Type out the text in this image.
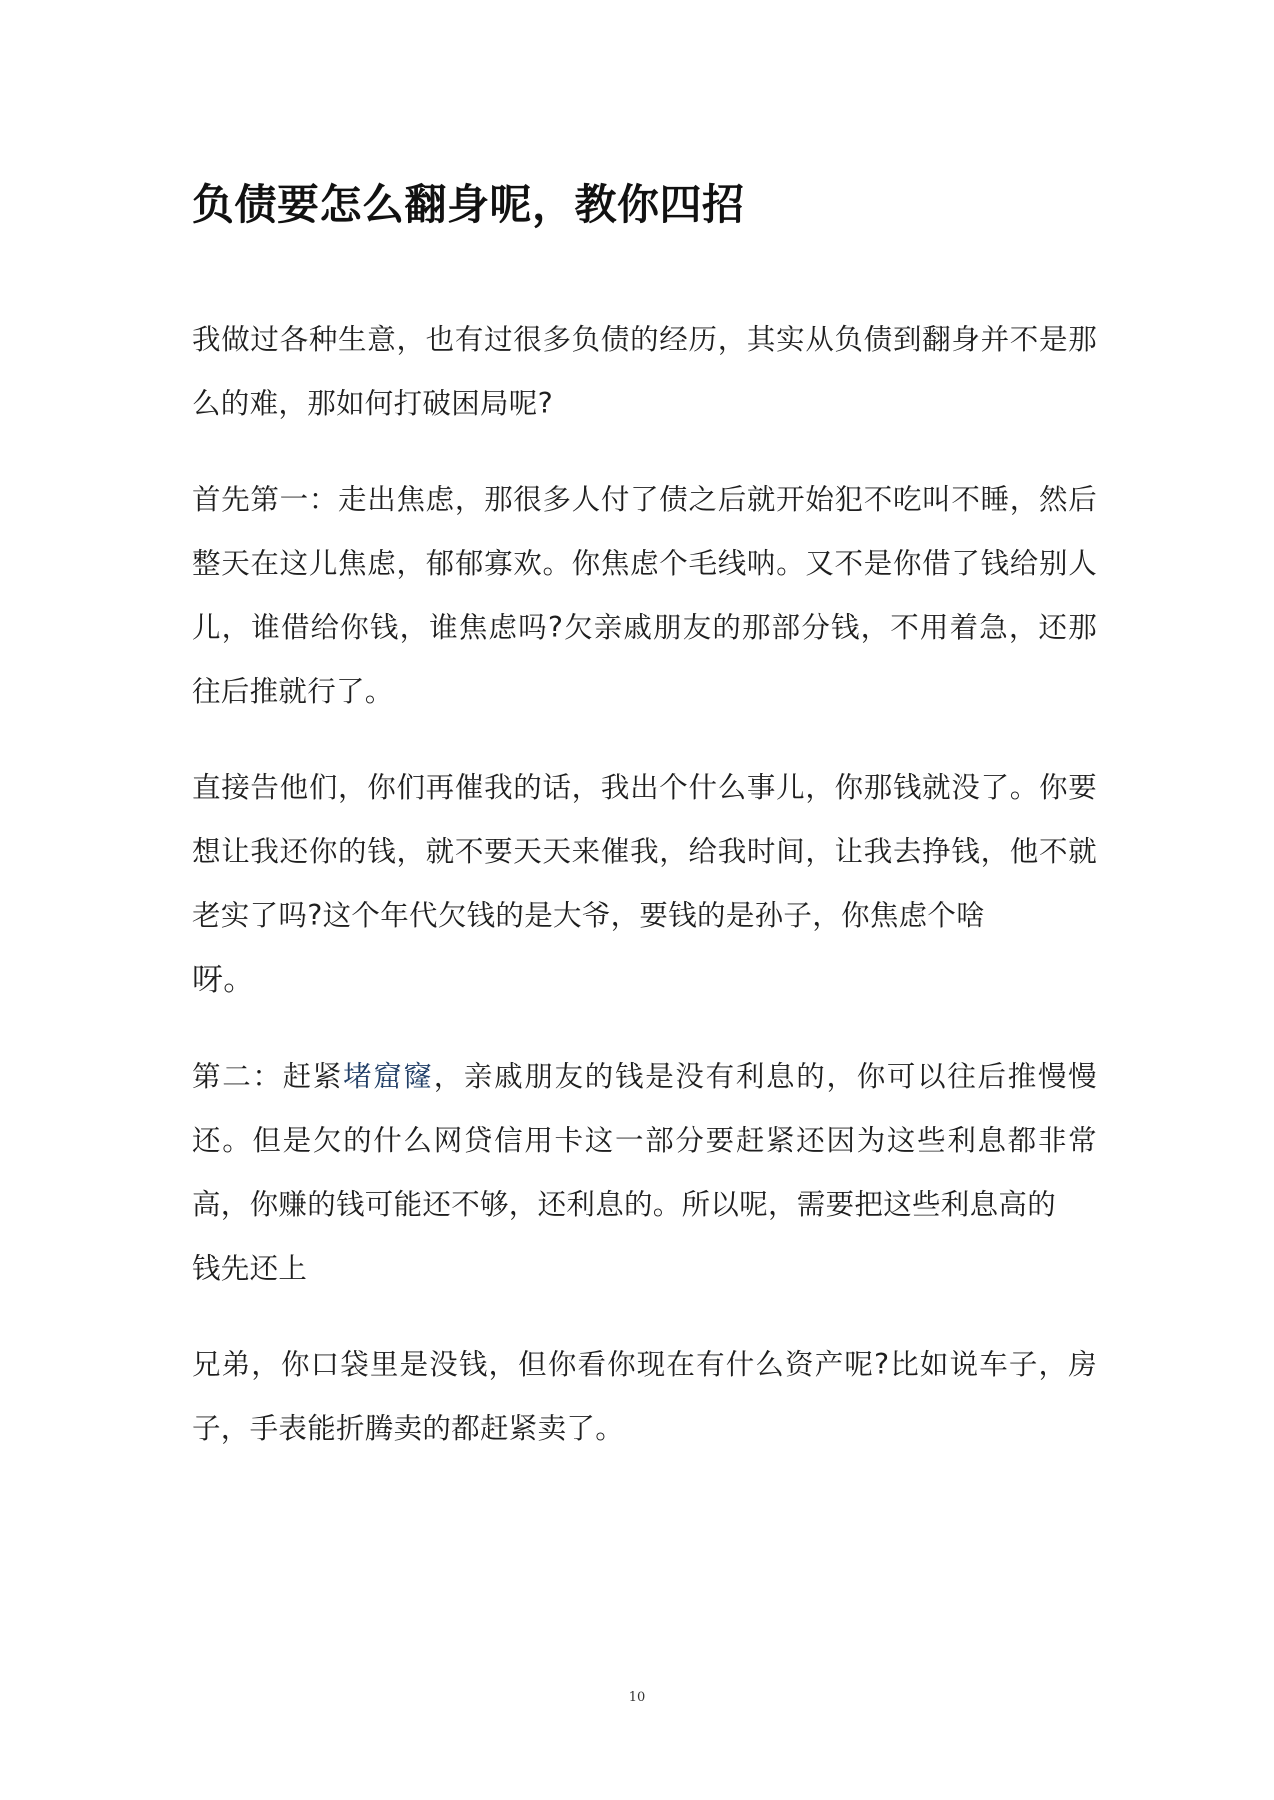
负债要怎么翻身呢，教你四招

我做过各种生意，也有过很多负债的经历，其实从负债到翻身并不是那么的难，那如何打破困局呢?

首先第一：走出焦虑，那很多人付了债之后就开始犯不吃叫不睡，然后整天在这儿焦虑，郁郁寡欢。你焦虑个毛线呐。又不是你借了钱给别人儿，谁借给你钱，谁焦虑吗?欠亲戚朋友的那部分钱，不用着急，还那往后推就行了。

直接告他们，你们再催我的话，我出个什么事儿，你那钱就没了。你要想让我还你的钱，就不要天天来催我，给我时间，让我去挣钱，他不就老实了吗?这个年代欠钱的是大爷，要钱的是孙子，你焦虑个啥
呀。

第二：赶紧堵窟窿，亲戚朋友的钱是没有利息的，你可以往后推慢慢还。但是欠的什么网贷信用卡这一部分要赶紧还因为这些利息都非常高，你赚的钱可能还不够，还利息的。所以呢，需要把这些利息高的
钱先还上

兄弟，你口袋里是没钱，但你看你现在有什么资产呢?比如说车子，房子，手表能折腾卖的都赶紧卖了。

10
